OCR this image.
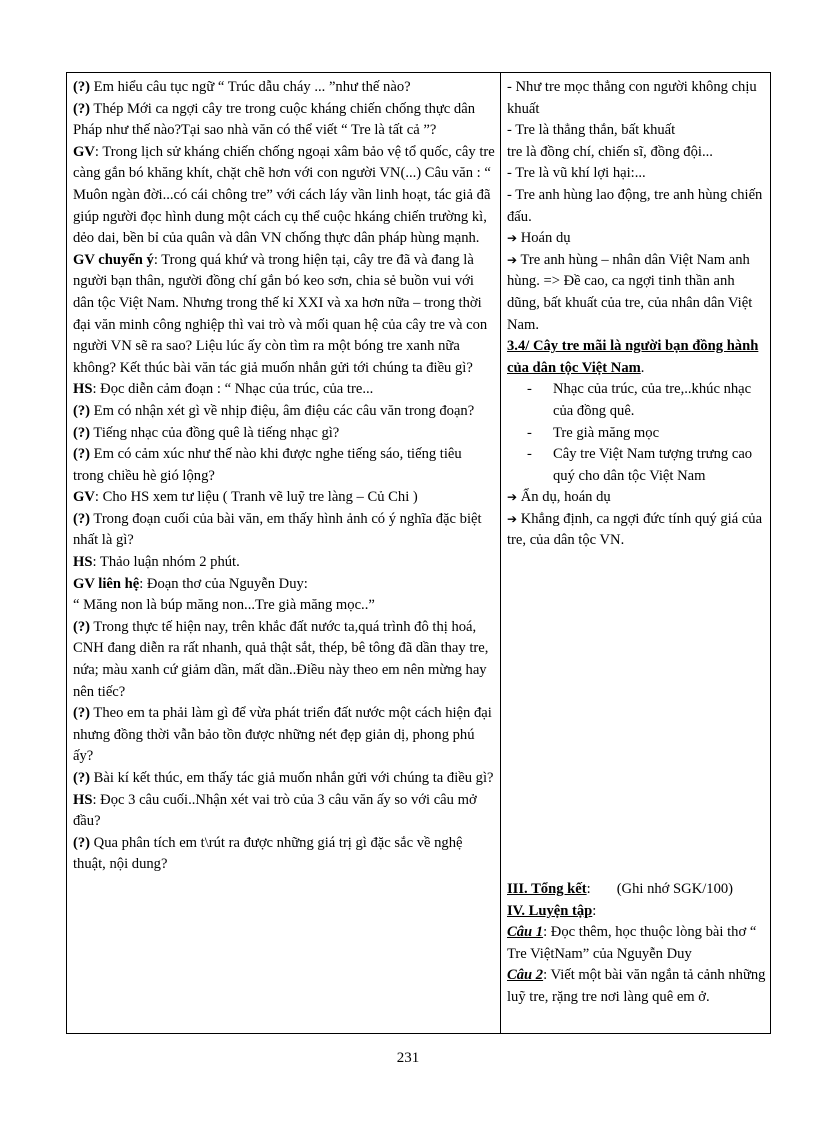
(?) Em hiểu câu tục ngữ “ Trúc dẫu cháy ... ”như thế nào?

(?) Thép Mới ca ngợi cây tre trong cuộc kháng chiến chống thực dân Pháp như thế nào?Tại sao nhà văn có thể viết “ Tre là tất cả ”?

GV: Trong lịch sử kháng chiến chống ngoại xâm bảo vệ tổ quốc, cây tre càng gắn bó khăng khít, chặt chẽ hơn với con người VN(...) Câu văn : “ Muôn ngàn đời...có cái chông tre” với cách láy vần linh hoạt, tác giả đã giúp người đọc hình dung một cách cụ thể cuộc hkáng chiến trường kì, dẻo dai, bền bỉ của quân và dân VN chống thực dân pháp hùng mạnh.

GV chuyển ý: Trong quá khứ và trong hiện tại, cây tre đã và đang là người bạn thân, người đồng chí gắn bó keo sơn, chia sẻ buồn vui với dân tộc Việt Nam. Nhưng trong thế kỉ XXI và xa hơn nữa – trong thời đại văn minh công nghiệp thì vai trò và mối quan hệ của cây tre và con người VN sẽ ra sao? Liệu lúc ấy còn tìm ra một bóng tre xanh nữa không? Kết thúc bài văn tác giả muốn nhắn gửi tới chúng ta điều gì?

HS: Đọc diễn cảm đoạn : “ Nhạc của trúc, của tre...

(?) Em có nhận xét gì về nhịp điệu, âm điệu các câu văn trong đoạn?

(?) Tiếng nhạc của đồng quê là tiếng nhạc gì?

(?) Em có cảm xúc như thế nào khi được nghe tiếng sáo, tiếng tiêu trong chiều hè gió lộng?

GV: Cho HS xem tư liệu ( Tranh vẽ luỹ tre làng – Củ Chi )

(?) Trong đoạn cuối của bài văn, em thấy hình ảnh có ý nghĩa đặc biệt nhất là gì?

HS: Thảo luận nhóm 2 phút.

GV liên hệ: Đoạn thơ của Nguyễn Duy:

“ Măng non là búp măng non...Tre già măng mọc..”

(?) Trong thực tế hiện nay, trên khắc đất nước ta,quá trình đô thị hoá, CNH đang diễn ra rất nhanh, quả thật sắt, thép, bê tông đã dần thay tre, nứa; màu xanh cứ giảm dần, mất dần..Điều này theo em nên mừng hay nên tiếc?

(?) Theo em ta phải làm gì để vừa phát triển đất nước một cách hiện đại nhưng đồng thời vẫn bảo tồn được những nét đẹp giản dị, phong phú ấy?

(?) Bài kí kết thúc, em thấy tác giả muốn nhắn gửi với chúng ta điều gì?

HS: Đọc 3 câu cuối..Nhận xét vai trò của 3 câu văn ấy so với câu mở đầu?

(?) Qua phân tích em t\rút ra được những giá trị gì đặc sắc về nghệ thuật, nội dung?

- Như tre mọc thẳng con người không chịu khuất

- Tre là thẳng thắn, bất khuất

tre là đồng chí, chiến sĩ, đồng đội...

- Tre là vũ khí lợi hại:...

- Tre anh hùng lao động, tre anh hùng chiến đấu.

➔ Hoán dụ

➔ Tre anh hùng – nhân dân Việt Nam anh hùng. => Đề cao, ca ngợi tinh thần anh dũng, bất khuất của tre, của nhân dân Việt Nam.

3.4/ Cây tre mãi là người bạn đồng hành của dân tộc Việt Nam.

- Nhạc của trúc, của tre,..khúc nhạc của đồng quê.
- Tre già măng mọc
- Cây tre Việt Nam tượng trưng cao quý cho dân tộc Việt Nam

➔ Ẩn dụ, hoán dụ

➔ Khẳng định, ca ngợi đức tính quý giá của tre, của dân tộc VN.

III. Tổng kết: (Ghi nhớ SGK/100)

IV. Luyện tập:

Câu 1: Đọc thêm, học thuộc lòng bài thơ “ Tre ViệtNam” của Nguyễn Duy

Câu 2: Viết một bài văn ngắn tả cảnh những luỹ tre, rặng tre nơi làng quê em ở.

231
